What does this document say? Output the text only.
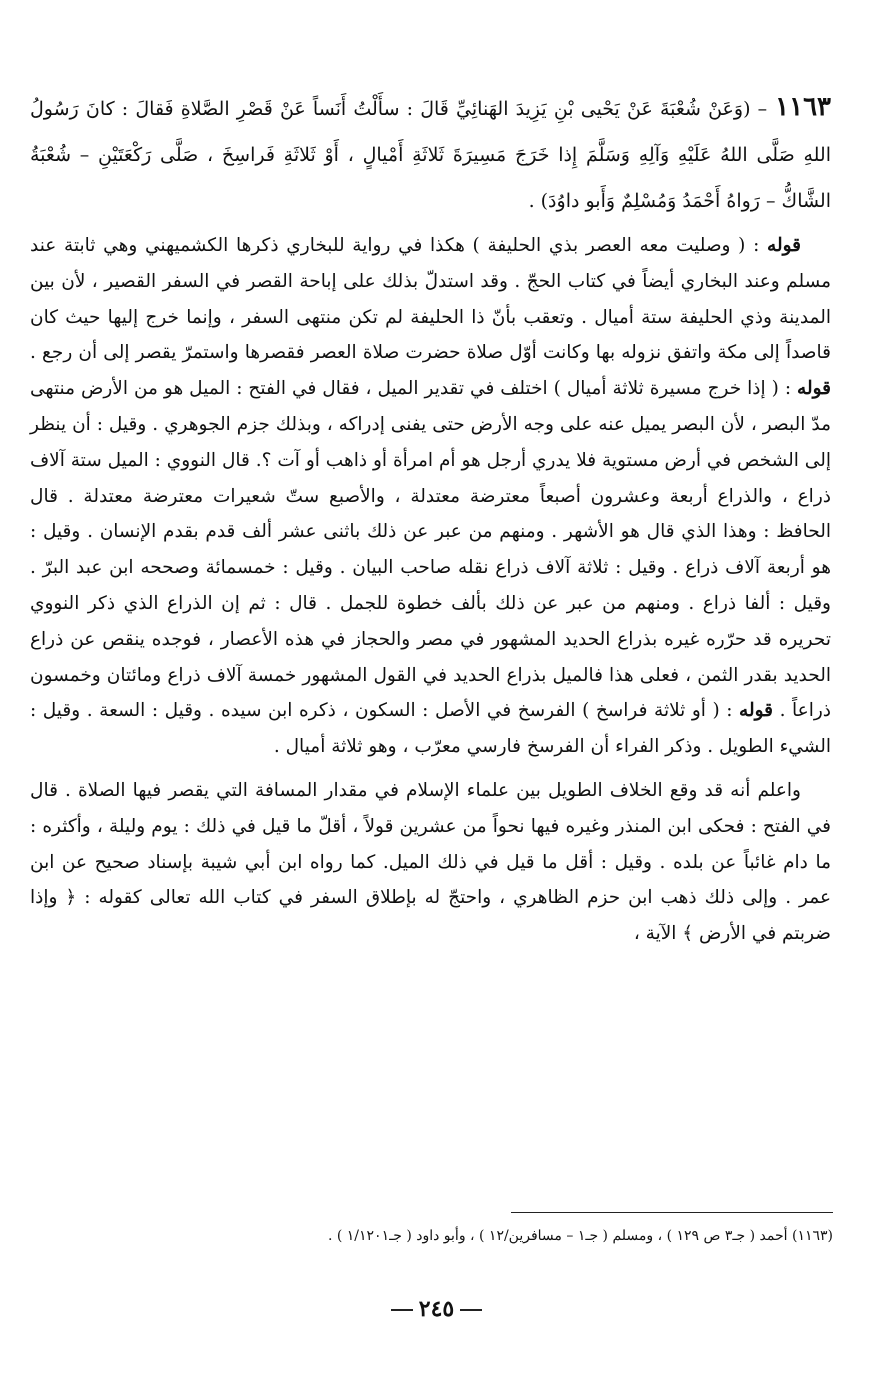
١١٦٣– (وَعَنْ شُعْبَةَ عَنْ يَحْيى بْنِ يَزِيدَ الهَنائِيِّ قَالَ : سأَلْتُ أَنَساً عَنْ قَصْرِ الصَّلاةِ فَقالَ : كانَ رَسُولُ اللهِ صَلَّى اللهُ عَلَيْهِ وَآلِهِ وَسَلَّمَ إِذا خَرَجَ مَسِيرَةَ ثَلاثَةِ أَمْيالٍ ، أَوْ ثَلاثَةِ فَراسِخَ ، صَلَّى رَكْعَتَيْنِ – شُعْبَةُ الشَّاكُّ – رَواهُ أَحْمَدُ وَمُسْلِمٌ وَأَبو داوُدَ) .

قوله : ( وصليت معه العصر بذي الحليفة ) هكذا في رواية للبخاري ذكرها الكشميهني وهي ثابتة عند مسلم وعند البخاري أيضاً في كتاب الحجّ . وقد استدلّ بذلك على إباحة القصر في السفر القصير ، لأن بين المدينة وذي الحليفة ستة أميال . وتعقب بأنّ ذا الحليفة لم تكن منتهى السفر ، وإنما خرج إليها حيث كان قاصداً إلى مكة واتفق نزوله بها وكانت أوّل صلاة حضرت صلاة العصر فقصرها واستمرّ يقصر إلى أن رجع . قوله : ( إذا خرج مسيرة ثلاثة أميال ) اختلف في تقدير الميل ، فقال في الفتح : الميل هو من الأرض منتهى مدّ البصر ، لأن البصر يميل عنه على وجه الأرض حتى يفنى إدراكه ، وبذلك جزم الجوهري . وقيل : أن ينظر إلى الشخص في أرض مستوية فلا يدري أرجل هو أم امرأة أو ذاهب أو آت ؟. قال النووي : الميل ستة آلاف ذراع ، والذراع أربعة وعشرون أصبعاً معترضة معتدلة ، والأصبع ستّ شعيرات معترضة معتدلة . قال الحافظ : وهذا الذي قال هو الأشهر . ومنهم من عبر عن ذلك باثنى عشر ألف قدم بقدم الإنسان . وقيل : هو أربعة آلاف ذراع . وقيل : ثلاثة آلاف ذراع نقله صاحب البيان . وقيل : خمسمائة وصححه ابن عبد البرّ . وقيل : ألفا ذراع . ومنهم من عبر عن ذلك بألف خطوة للجمل . قال : ثم إن الذراع الذي ذكر النووي تحريره قد حرّره غيره بذراع الحديد المشهور في مصر والحجاز في هذه الأعصار ، فوجده ينقص عن ذراع الحديد بقدر الثمن ، فعلى هذا فالميل بذراع الحديد في القول المشهور خمسة آلاف ذراع ومائتان وخمسون ذراعاً . قوله : ( أو ثلاثة فراسخ ) الفرسخ في الأصل : السكون ، ذكره ابن سيده . وقيل : السعة . وقيل : الشيء الطويل . وذكر الفراء أن الفرسخ فارسي معرّب ، وهو ثلاثة أميال .

واعلم أنه قد وقع الخلاف الطويل بين علماء الإسلام في مقدار المسافة التي يقصر فيها الصلاة . قال في الفتح : فحكى ابن المنذر وغيره فيها نحواً من عشرين قولاً ، أقلّ ما قيل في ذلك : يوم وليلة ، وأكثره : ما دام غائباً عن بلده . وقيل : أقل ما قيل في ذلك الميل. كما رواه ابن أبي شيبة بإسناد صحيح عن ابن عمر . وإلى ذلك ذهب ابن حزم الظاهري ، واحتجّ له بإطلاق السفر في كتاب الله تعالى كقوله : ﴿ وإذا ضربتم في الأرض ﴾ الآية ،

(١١٦٣) أحمد ( جـ٣ ص ١٢٩ ) ، ومسلم ( جـ١ – مسافرين/١٢ ) ، وأبو داود ( جـ١/١٢٠١ ) .
٢٤٥
